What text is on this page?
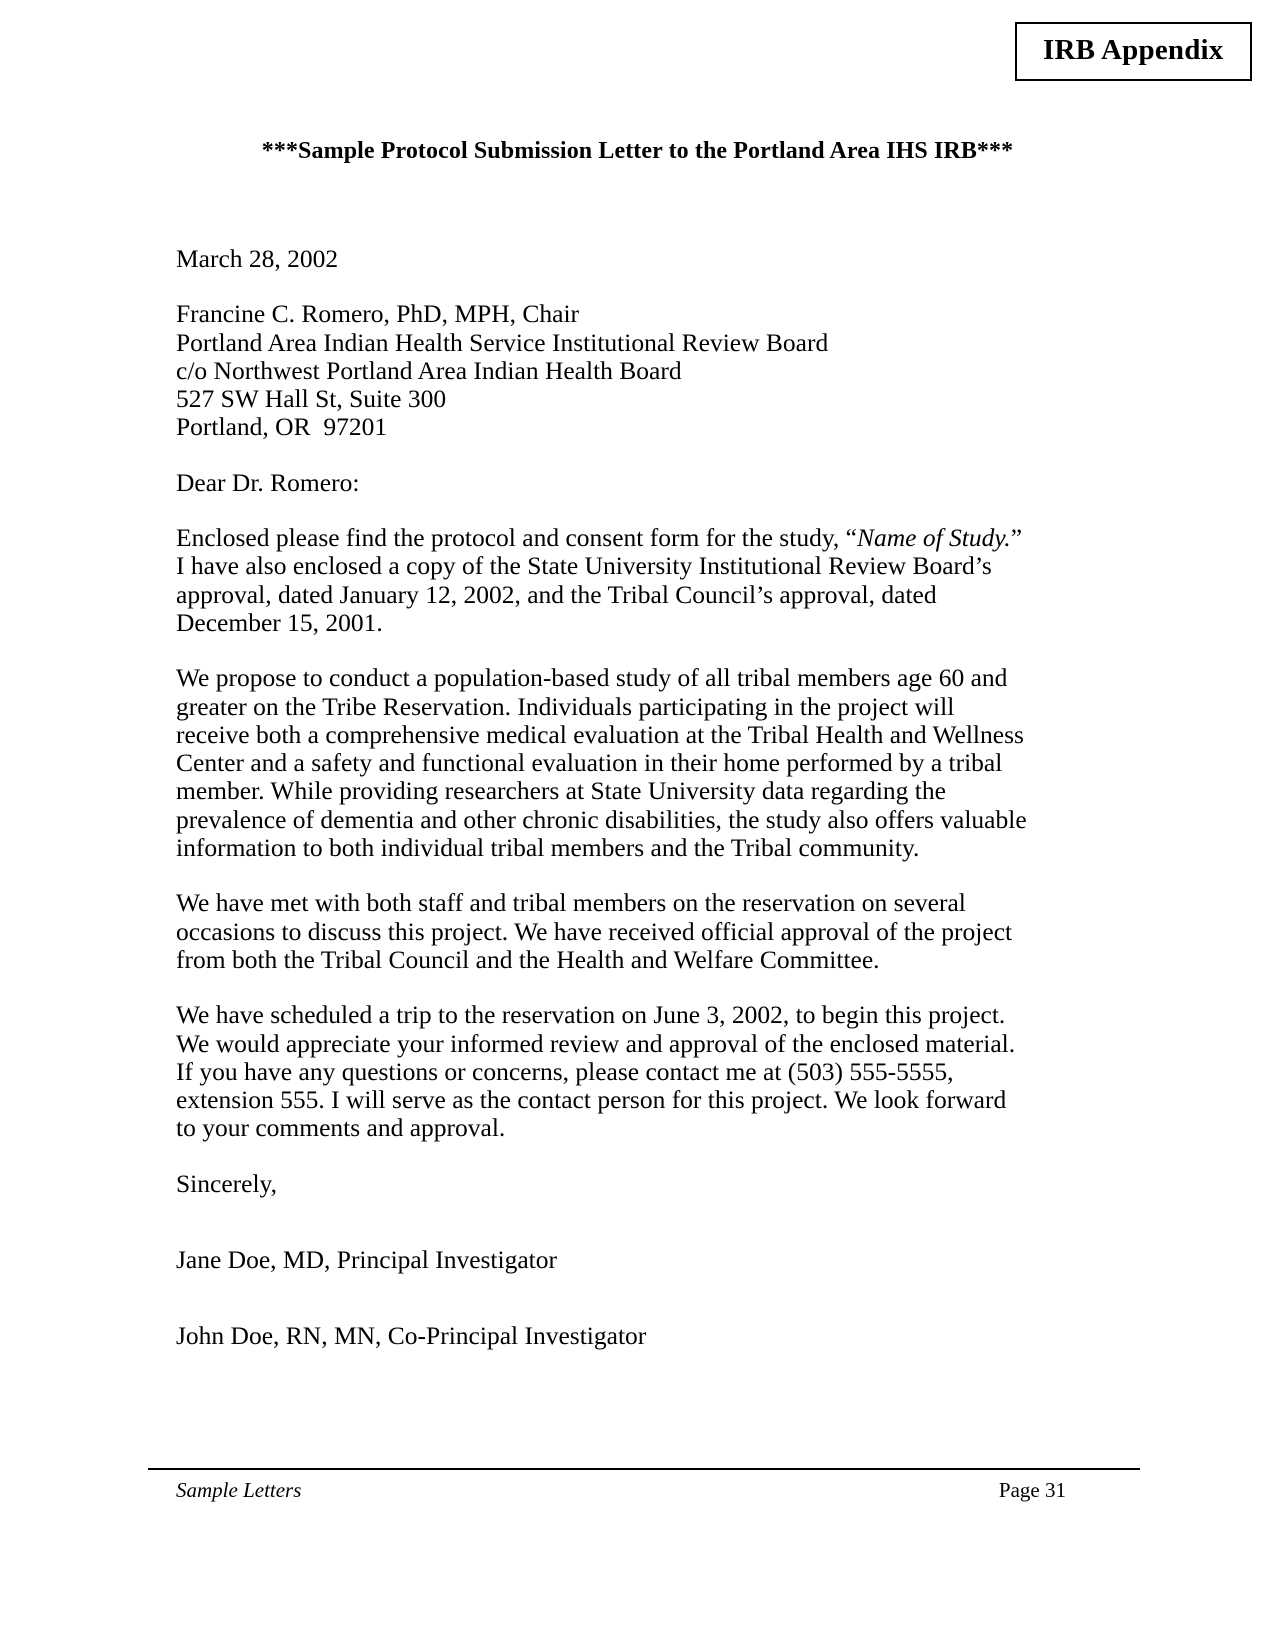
IRB Appendix
***Sample Protocol Submission Letter to the Portland Area IHS IRB***
March 28, 2002
Francine C. Romero, PhD, MPH, Chair
Portland Area Indian Health Service Institutional Review Board
c/o Northwest Portland Area Indian Health Board
527 SW Hall St, Suite 300
Portland, OR  97201
Dear Dr. Romero:

Enclosed please find the protocol and consent form for the study, “Name of Study.” I have also enclosed a copy of the State University Institutional Review Board’s approval, dated January 12, 2002, and the Tribal Council’s approval, dated December 15, 2001.

We propose to conduct a population-based study of all tribal members age 60 and greater on the Tribe Reservation. Individuals participating in the project will receive both a comprehensive medical evaluation at the Tribal Health and Wellness Center and a safety and functional evaluation in their home performed by a tribal member. While providing researchers at State University data regarding the prevalence of dementia and other chronic disabilities, the study also offers valuable information to both individual tribal members and the Tribal community.

We have met with both staff and tribal members on the reservation on several occasions to discuss this project. We have received official approval of the project from both the Tribal Council and the Health and Welfare Committee.

We have scheduled a trip to the reservation on June 3, 2002, to begin this project. We would appreciate your informed review and approval of the enclosed material. If you have any questions or concerns, please contact me at (503) 555-5555, extension 555. I will serve as the contact person for this project. We look forward to your comments and approval.

Sincerely,
Jane Doe, MD, Principal Investigator
John Doe, RN, MN, Co-Principal Investigator
Sample Letters	Page 31
